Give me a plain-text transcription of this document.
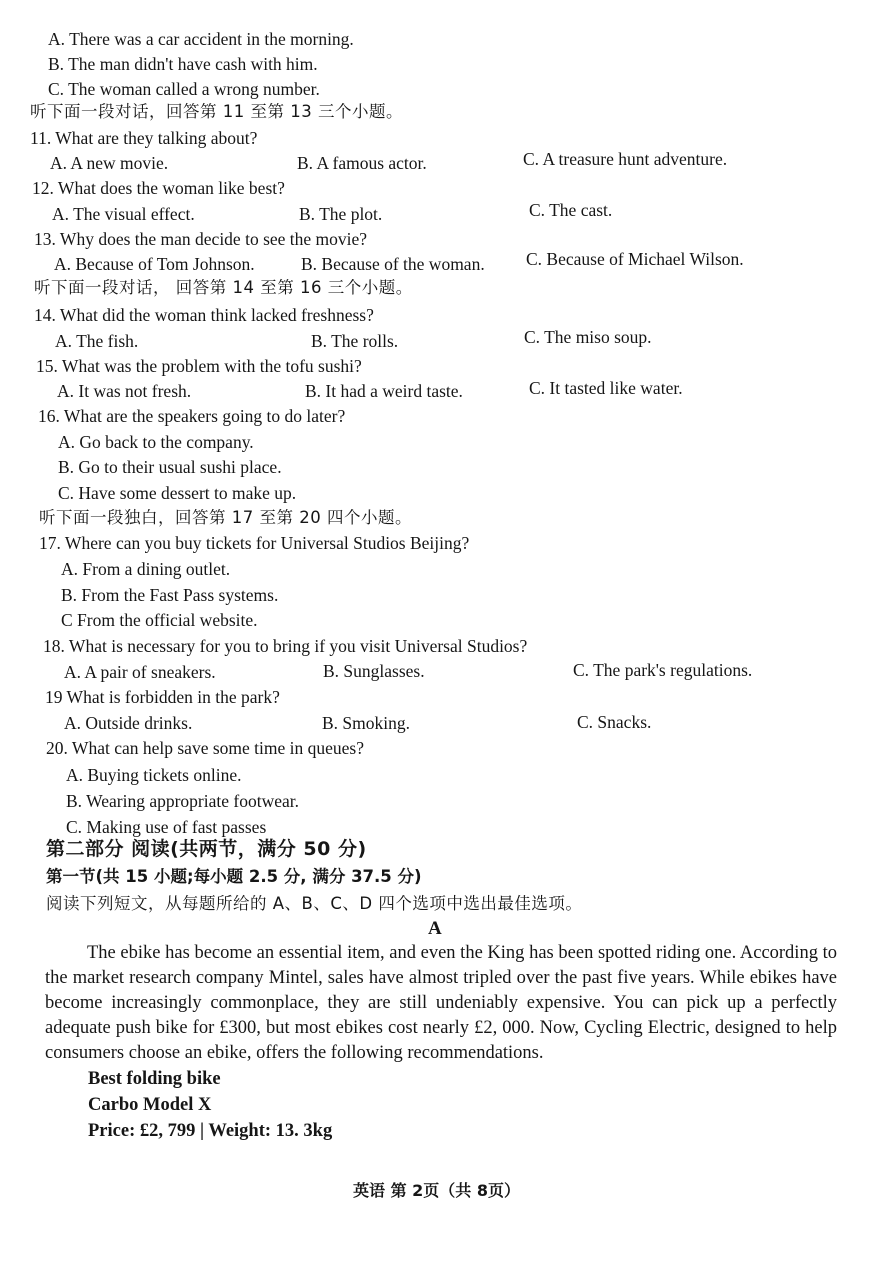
A. There was a car accident in the morning.
B. The man didn't have cash with him.
C. The woman called a wrong number.
听下面一段对话，回答第 11 至第 13 三个小题。
11. What are they talking about?
A. A new movie.	B. A famous actor.	C. A treasure hunt adventure.
12. What does the woman like best?
A. The visual effect.	B. The plot.	C. The cast.
13. Why does the man decide to see the movie?
A. Because of Tom Johnson.	B. Because of the woman. C. Because of Michael Wilson.
听下面一段对话， 回答第 14 至第 16 三个小题。
14. What did the woman think lacked freshness?
A. The fish.	B. The rolls.	C. The miso soup.
15. What was the problem with the tofu sushi?
A. It was not fresh.	B. It had a weird taste.	C. It tasted like water.
16. What are the speakers going to do later?
A. Go back to the company.
B. Go to their usual sushi place.
C. Have some dessert to make up.
听下面一段独白，回答第 17 至第 20 四个小题。
17. Where can you buy tickets for Universal Studios Beijing?
A. From a dining outlet.
B. From the Fast Pass systems.
C From the official website.
18. What is necessary for you to bring if you visit Universal Studios?
A. A pair of sneakers.	B. Sunglasses.	C. The park's regulations.
19 What is forbidden in the park?
A. Outside drinks.	B. Smoking.	C. Snacks.
20. What can help save some time in queues?
A. Buying tickets online.
B. Wearing appropriate footwear.
C. Making use of fast passes
第二部分 阅读(共两节，满分 50 分)
第一节(共 15 小题;每小题 2.5 分, 满分 37.5 分)
阅读下列短文，从每题所给的 A、B、C、D 四个选项中选出最佳选项。
A
The ebike has become an essential item, and even the King has been spotted riding one. According to the market research company Mintel, sales have almost tripled over the past five years. While ebikes have become increasingly commonplace, they are still undeniably expensive. You can pick up a perfectly adequate push bike for £300, but most ebikes cost nearly £2, 000. Now, Cycling Electric, designed to help consumers choose an ebike, offers the following recommendations.
Best folding bike
Carbo Model X
Price: £2, 799 | Weight: 13. 3kg
英语 第 2页（共 8页）
